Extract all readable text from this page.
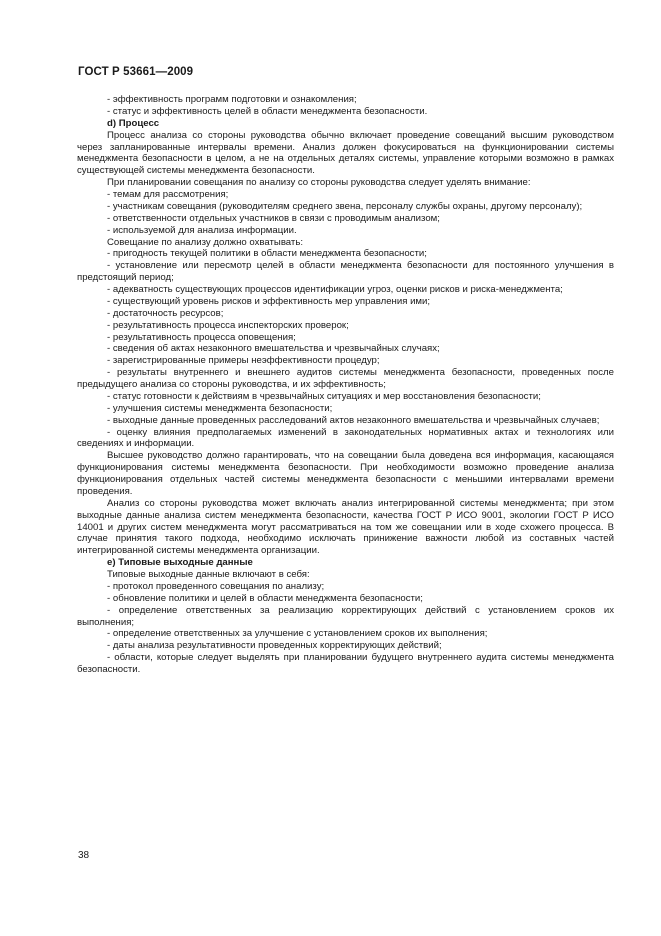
ГОСТ Р 53661—2009

- эффективность программ подготовки и ознакомления;

- статус и эффективность целей в области менеджмента безопасности.

d) Процесс

Процесс анализа со стороны руководства обычно включает проведение совещаний высшим руководством через запланированные интервалы времени. Анализ должен фокусироваться на функционировании системы менеджмента безопасности в целом, а не на отдельных деталях системы, управление которыми возможно в рамках существующей системы менеджмента безопасности.

При планировании совещания по анализу со стороны руководства следует уделять внимание:

- темам для рассмотрения;

- участникам совещания (руководителям среднего звена, персоналу службы охраны, другому персоналу);

- ответственности отдельных участников в связи с проводимым анализом;

- используемой для анализа информации.

Совещание по анализу должно охватывать:

- пригодность текущей политики в области менеджмента безопасности;

- установление или пересмотр целей в области менеджмента безопасности для постоянного улучшения в предстоящий период;

- адекватность существующих процессов идентификации угроз, оценки рисков и риска-менеджмента;

- существующий уровень рисков и эффективность мер управления ими;

- достаточность ресурсов;

- результативность процесса инспекторских проверок;

- результативность процесса оповещения;

- сведения об актах незаконного вмешательства и чрезвычайных случаях;

- зарегистрированные примеры неэффективности процедур;

- результаты внутреннего и внешнего аудитов системы менеджмента безопасности, проведенных после предыдущего анализа со стороны руководства, и их эффективность;

- статус готовности к действиям в чрезвычайных ситуациях и мер восстановления безопасности;

- улучшения системы менеджмента безопасности;

- выходные данные проведенных расследований актов незаконного вмешательства и чрезвычайных случаев;

- оценку влияния предполагаемых изменений в законодательных нормативных актах и технологиях или сведениях и информации.

Высшее руководство должно гарантировать, что на совещании была доведена вся информация, касающаяся функционирования системы менеджмента безопасности. При необходимости возможно проведение анализа функционирования отдельных частей системы менеджмента безопасности с меньшими интервалами времени проведения.

Анализ со стороны руководства может включать анализ интегрированной системы менеджмента; при этом выходные данные анализа систем менеджмента безопасности, качества ГОСТ Р ИСО 9001, экологии ГОСТ Р ИСО 14001 и других систем менеджмента могут рассматриваться на том же совещании или в ходе схожего процесса. В случае принятия такого подхода, необходимо исключать принижение важности любой из составных частей интегрированной системы менеджмента организации.

е) Типовые выходные данные

Типовые выходные данные включают в себя:

- протокол проведенного совещания по анализу;

- обновление политики и целей в области менеджмента безопасности;

- определение ответственных за реализацию корректирующих действий с установлением сроков их выполнения;

- определение ответственных за улучшение с установлением сроков их выполнения;

- даты анализа результативности проведенных корректирующих действий;

- области, которые следует выделять при планировании будущего внутреннего аудита системы менеджмента безопасности.

38
